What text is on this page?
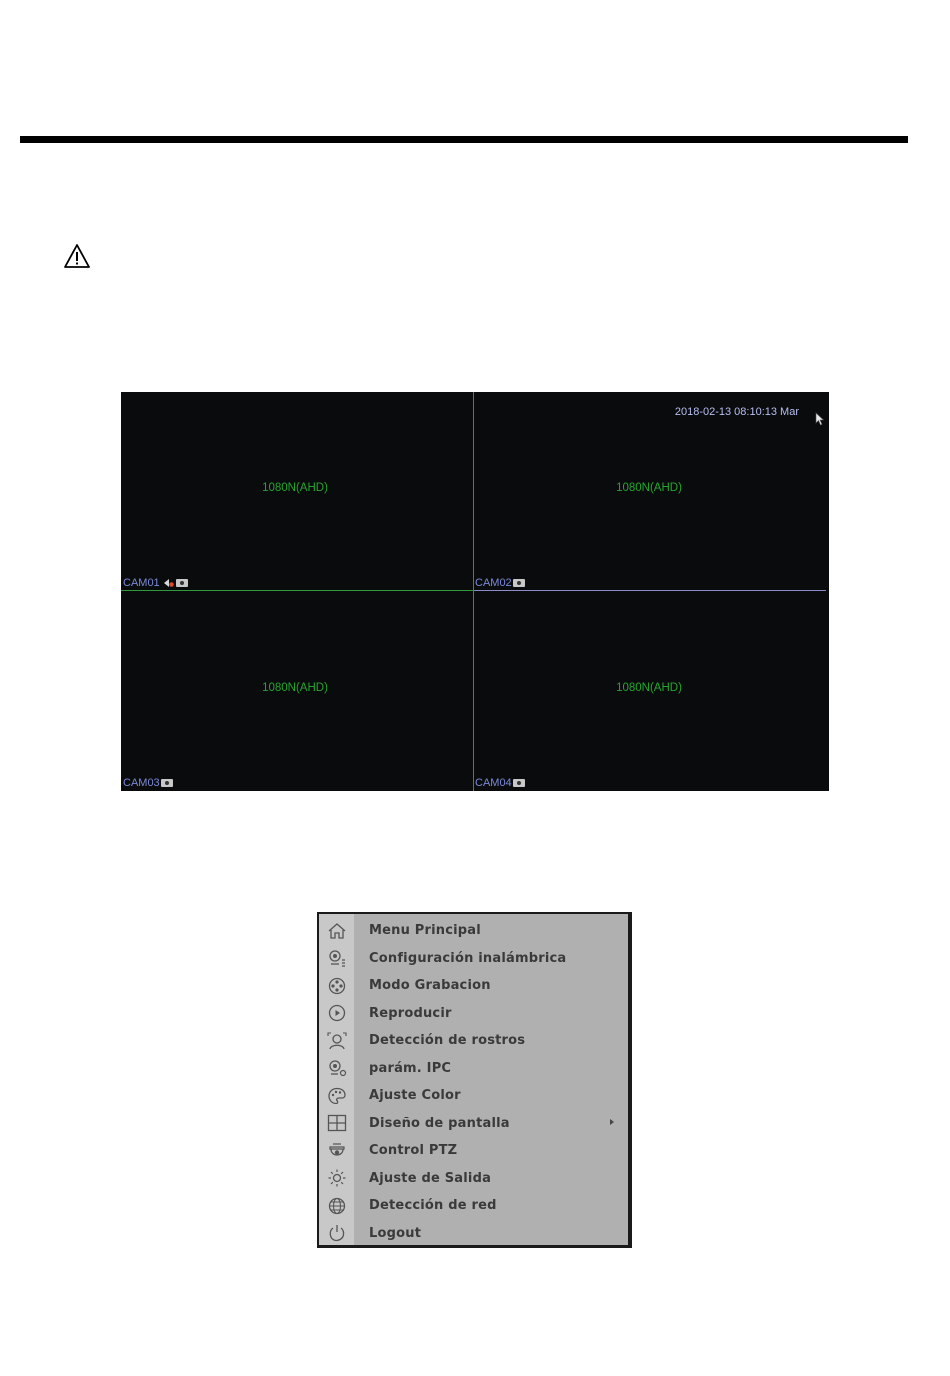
2018-02-13 08:10:13 Mar
1080N(AHD)
CAM01
1080N(AHD)
CAM02
1080N(AHD)
CAM03
1080N(AHD)
CAM04
Menu Principal
Configuración inalámbrica
Modo Grabacion
Reproducir
Detección de rostros
parám. IPC
Ajuste Color
Diseño de pantalla
Control PTZ
Ajuste de Salida
Detección de red
Logout
